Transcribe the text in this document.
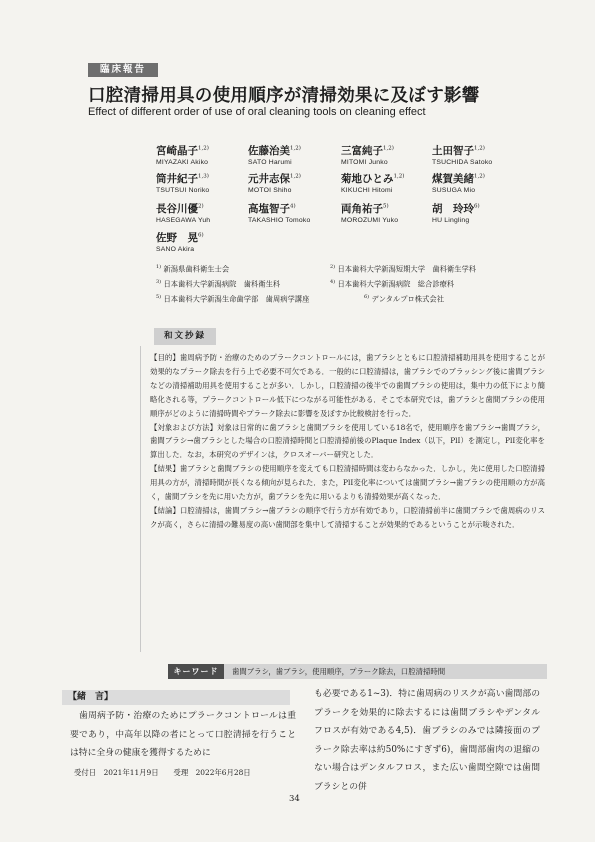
臨床報告
口腔清掃用具の使用順序が清掃効果に及ぼす影響
Effect of different order of use of oral cleaning tools on cleaning effect
宮崎晶子$^{1,2)}$
MIYAZAKI Akiko
佐藤治美$^{1,2)}$
SATO Harumi
三富純子$^{1,2)}$
MITOMI Junko
土田智子$^{1,2)}$
TSUCHIDA Satoko
筒井紀子$^{1,3)}$
TSUTSUI Noriko
元井志保$^{1,2)}$
MOTOI Shiho
菊地ひとみ$^{1,2)}$
KIKUCHI Hitomi
煤賀美緒$^{1,2)}$
SUSUGA Mio
長谷川優$^{2)}$
HASEGAWA Yuh
高塩智子$^{4)}$
TAKASHIO Tomoko
両角祐子$^{5)}$
MOROZUMI Yuko
胡　玲玲$^{6)}$
HU Lingling
佐野　晃$^{6)}$
SANO Akira
$^{1)}$ 新潟県歯科衛生士会	$^{2)}$ 日本歯科大学新潟短期大学　歯科衛生学科
$^{3)}$ 日本歯科大学新潟病院　歯科衛生科	$^{4)}$ 日本歯科大学新潟病院　総合診療科
$^{5)}$ 日本歯科大学新潟生命歯学部　歯周病学講座	$^{6)}$ デンタルプロ株式会社
和文抄録

【目的】歯周病予防・治療のためのプラークコントロールには，歯ブラシとともに口腔清掃補助用具を使用することが効果的なプラーク除去を行う上で必要不可欠である．一般的に口腔清掃は，歯ブラシでのブラッシング後に歯間ブラシなどの清掃補助用具を使用することが多い．しかし，口腔清掃の後半での歯間ブラシの使用は，集中力の低下により簡略化される等，プラークコントロール低下につながる可能性がある．そこで本研究では，歯ブラシと歯間ブラシの使用順序がどのように清掃時間やプラーク除去に影響を及ぼすか比較検討を行った．

【対象および方法】対象は日常的に歯ブラシと歯間ブラシを使用している18名で，使用順序を歯ブラシ→歯間ブラシ，歯間ブラシ→歯ブラシとした場合の口腔清掃時間と口腔清掃前後のPlaque Index（以下，PlI）を測定し，PlI変化率を算出した．なお，本研究のデザインは，クロスオーバー研究とした．

【結果】歯ブラシと歯間ブラシの使用順序を変えても口腔清掃時間は変わらなかった．しかし，先に使用した口腔清掃用具の方が，清掃時間が長くなる傾向が見られた．また，PlI変化率については歯間ブラシ→歯ブラシの使用順の方が高く，歯間ブラシを先に用いた方が，歯ブラシを先に用いるよりも清掃効果が高くなった．

【結論】口腔清掃は，歯間ブラシ→歯ブラシの順序で行う方が有効であり，口腔清掃前半に歯間ブラシで歯周病のリスクが高く，さらに清掃の難易度の高い歯間部を集中して清掃することが効果的であるということが示唆された．

キーワード	歯間ブラシ，歯ブラシ，使用順序，プラーク除去，口腔清掃時間
【緒　言】

歯周病予防・治療のためにプラークコントロールは重要であり，中高年以降の者にとって口腔清掃を行うことは特に全身の健康を獲得するために

も必要である1~3)．特に歯周病のリスクが高い歯間部のプラークを効果的に除去するには歯間ブラシやデンタルフロスが有効である4,5)．歯ブラシのみでは隣接面のプラーク除去率は約50%にすぎず6)，歯間部歯肉の退縮のない場合はデンタルフロス，また広い歯間空隙では歯間ブラシとの併

受付日　2021年11月9日　　受理　2022年6月28日
34
